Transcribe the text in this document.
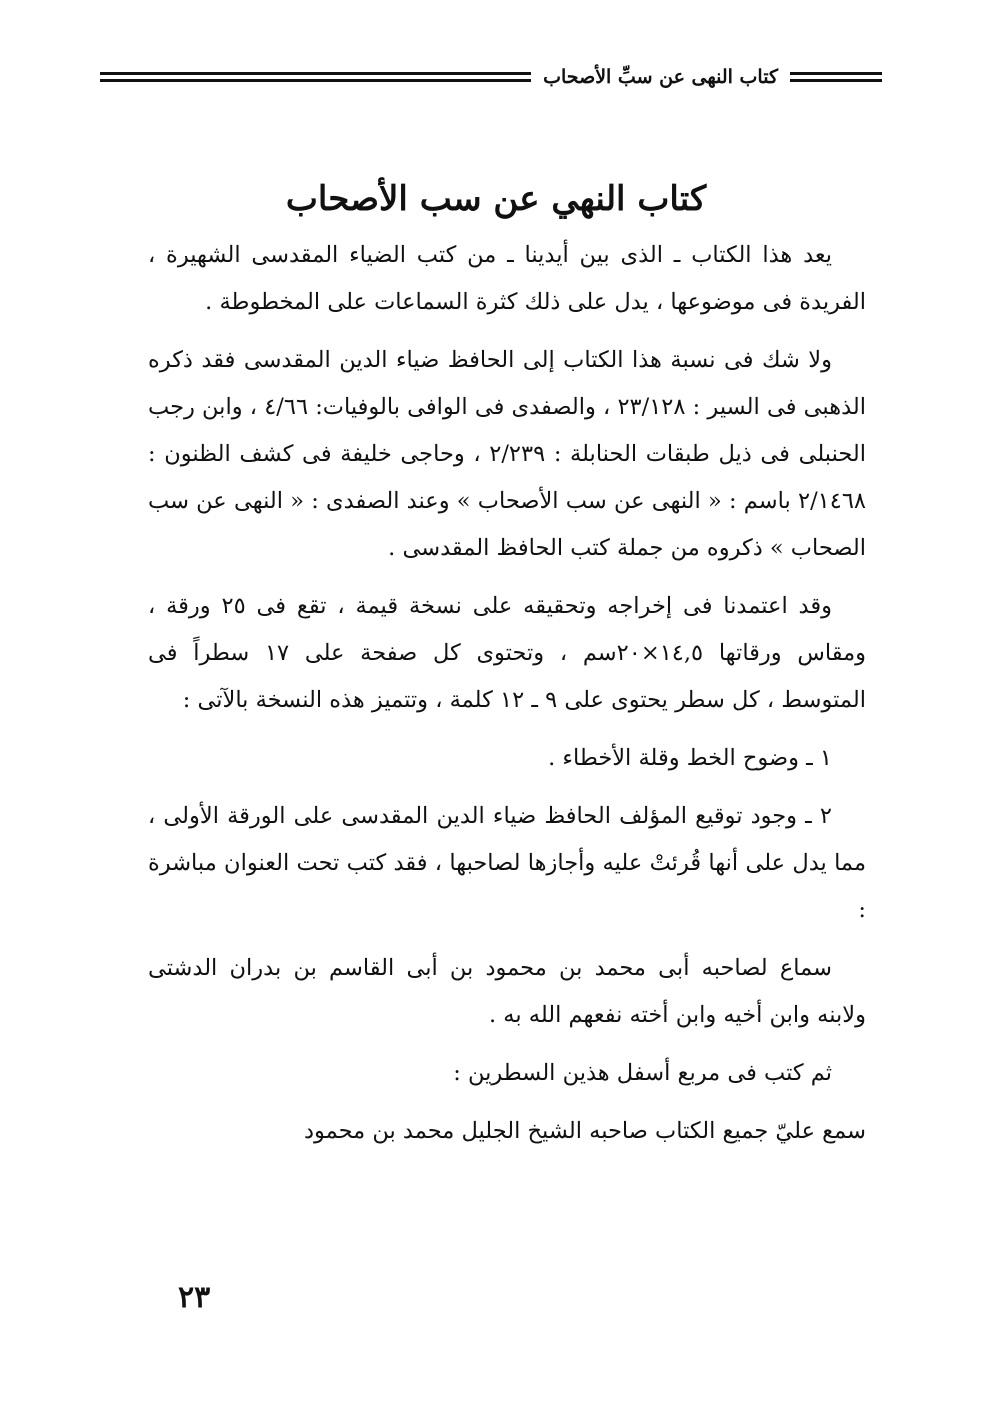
كتاب النهى عن سبِّ الأصحاب
كتاب النهي عن سب الأصحاب

يعد هذا الكتاب ـ الذى بين أيدينا ـ من كتب الضياء المقدسى الشهيرة ، الفريدة فى موضوعها ، يدل على ذلك كثرة السماعات على المخطوطة .

ولا شك فى نسبة هذا الكتاب إلى الحافظ ضياء الدين المقدسى فقد ذكره الذهبى فى السير : ٢٣/١٢٨ ، والصفدى فى الوافى بالوفيات: ٤/٦٦ ، وابن رجب الحنبلى فى ذيل طبقات الحنابلة : ٢/٢٣٩ ، وحاجى خليفة فى كشف الظنون : ٢/١٤٦٨ باسم : « النهى عن سب الأصحاب » وعند الصفدى : « النهى عن سب الصحاب » ذكروه من جملة كتب الحافظ المقدسى .

وقد اعتمدنا فى إخراجه وتحقيقه على نسخة قيمة ، تقع فى ٢٥ ورقة ، ومقاس ورقاتها ١٤,٥×٢٠سم ، وتحتوى كل صفحة على ١٧ سطراً فى المتوسط ، كل سطر يحتوى على ٩ ـ ١٢ كلمة ، وتتميز هذه النسخة بالآتى :

١ ـ وضوح الخط وقلة الأخطاء .

٢ ـ وجود توقيع المؤلف الحافظ ضياء الدين المقدسى على الورقة الأولى ، مما يدل على أنها قُرئتْ عليه وأجازها لصاحبها ، فقد كتب تحت العنوان مباشرة :

سماع لصاحبه أبى محمد بن محمود بن أبى القاسم بن بدران الدشتى ولابنه وابن أخيه وابن أخته نفعهم الله به .

ثم كتب فى مربع أسفل هذين السطرين :

سمع عليّ جميع الكتاب صاحبه الشيخ الجليل محمد بن محمود

٢٣
